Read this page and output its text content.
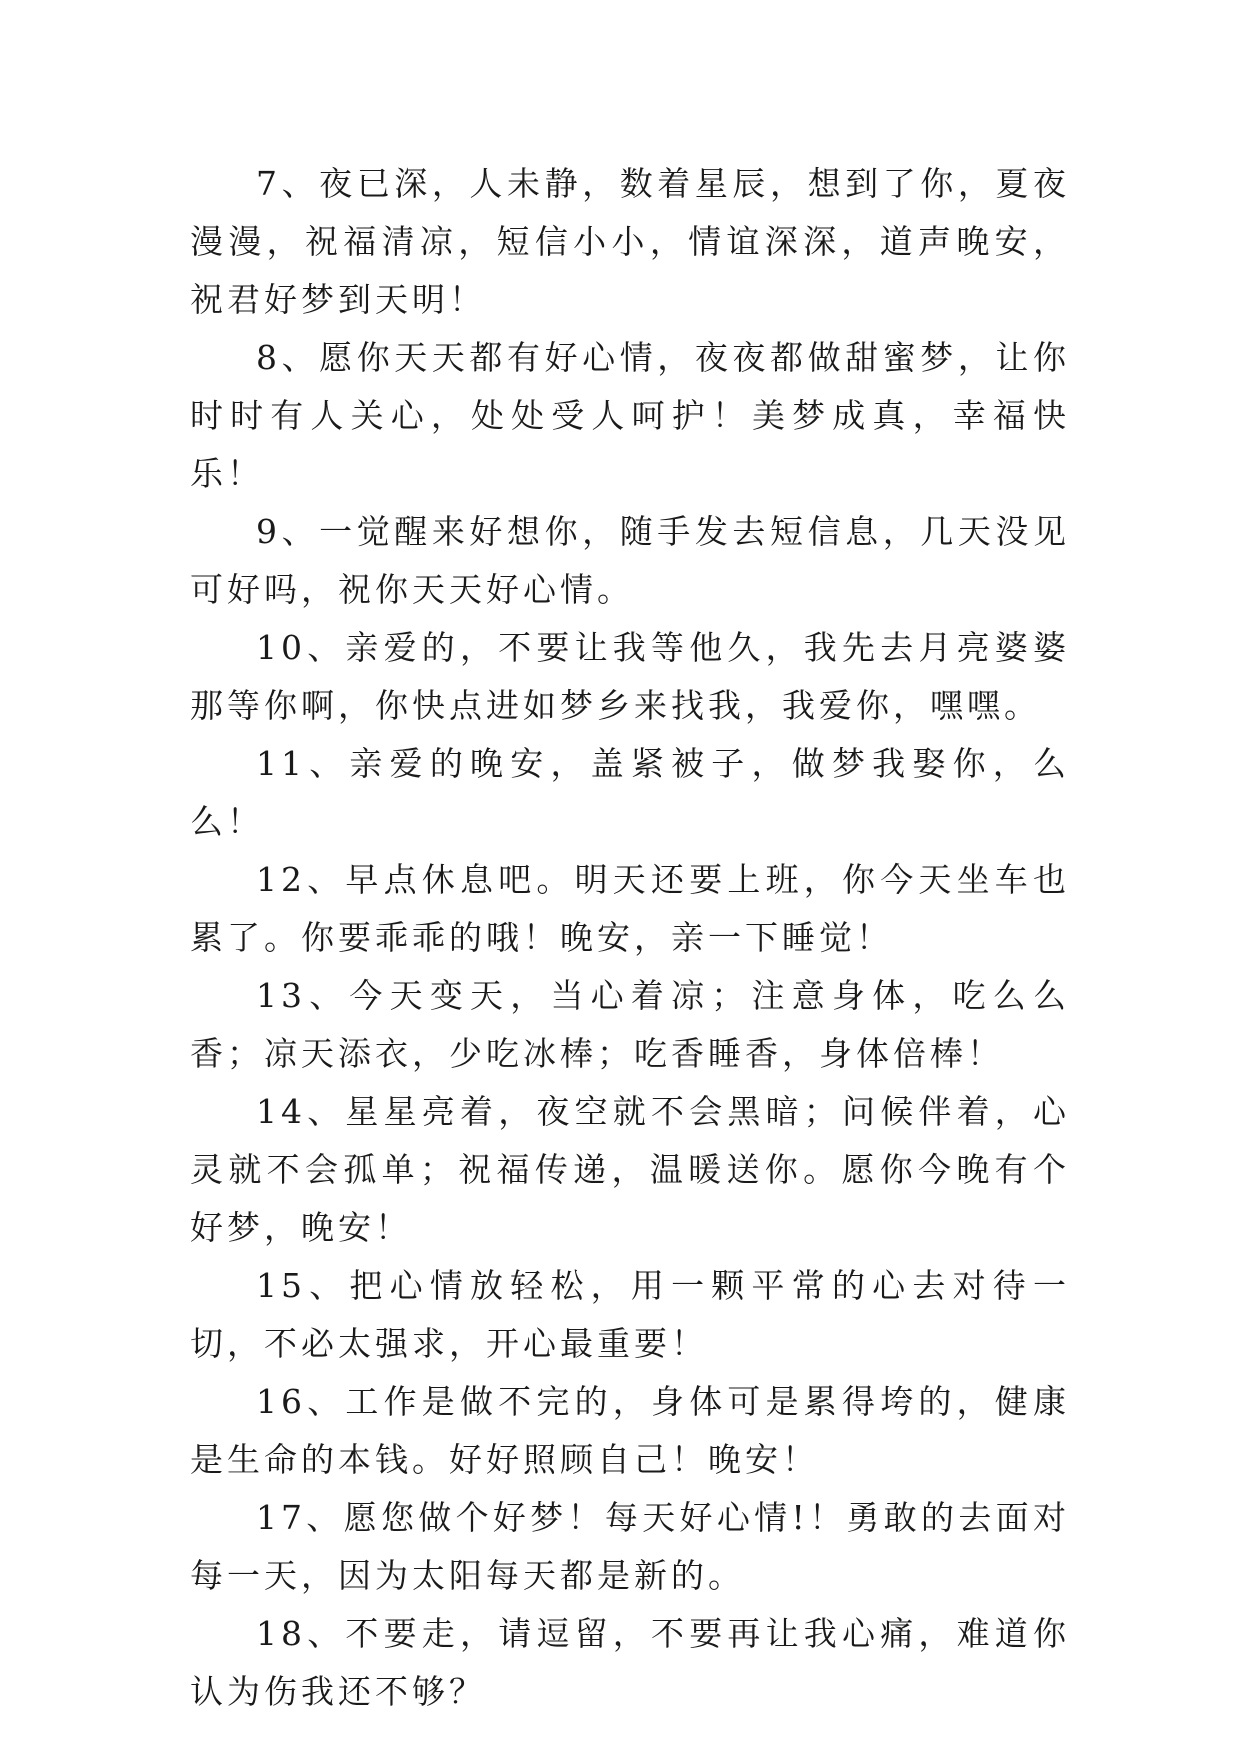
7、夜已深，人未静，数着星辰，想到了你，夏夜漫漫，祝福清凉，短信小小，情谊深深，道声晚安，祝君好梦到天明！

8、愿你天天都有好心情，夜夜都做甜蜜梦，让你时时有人关心，处处受人呵护！美梦成真，幸福快乐！

9、一觉醒来好想你，随手发去短信息，几天没见可好吗，祝你天天好心情。

10、亲爱的，不要让我等他久，我先去月亮婆婆那等你啊，你快点进如梦乡来找我，我爱你，嘿嘿。

11、亲爱的晚安，盖紧被子，做梦我娶你，么么！

12、早点休息吧。明天还要上班，你今天坐车也累了。你要乖乖的哦！晚安，亲一下睡觉！

13、今天变天，当心着凉；注意身体，吃么么香；凉天添衣，少吃冰棒；吃香睡香，身体倍棒！

14、星星亮着，夜空就不会黑暗；问候伴着，心灵就不会孤单；祝福传递，温暖送你。愿你今晚有个好梦，晚安！

15、把心情放轻松，用一颗平常的心去对待一切，不必太强求，开心最重要！

16、工作是做不完的，身体可是累得垮的，健康是生命的本钱。好好照顾自己！晚安！

17、愿您做个好梦！每天好心情!！勇敢的去面对每一天，因为太阳每天都是新的。

18、不要走，请逗留，不要再让我心痛，难道你认为伤我还不够？
